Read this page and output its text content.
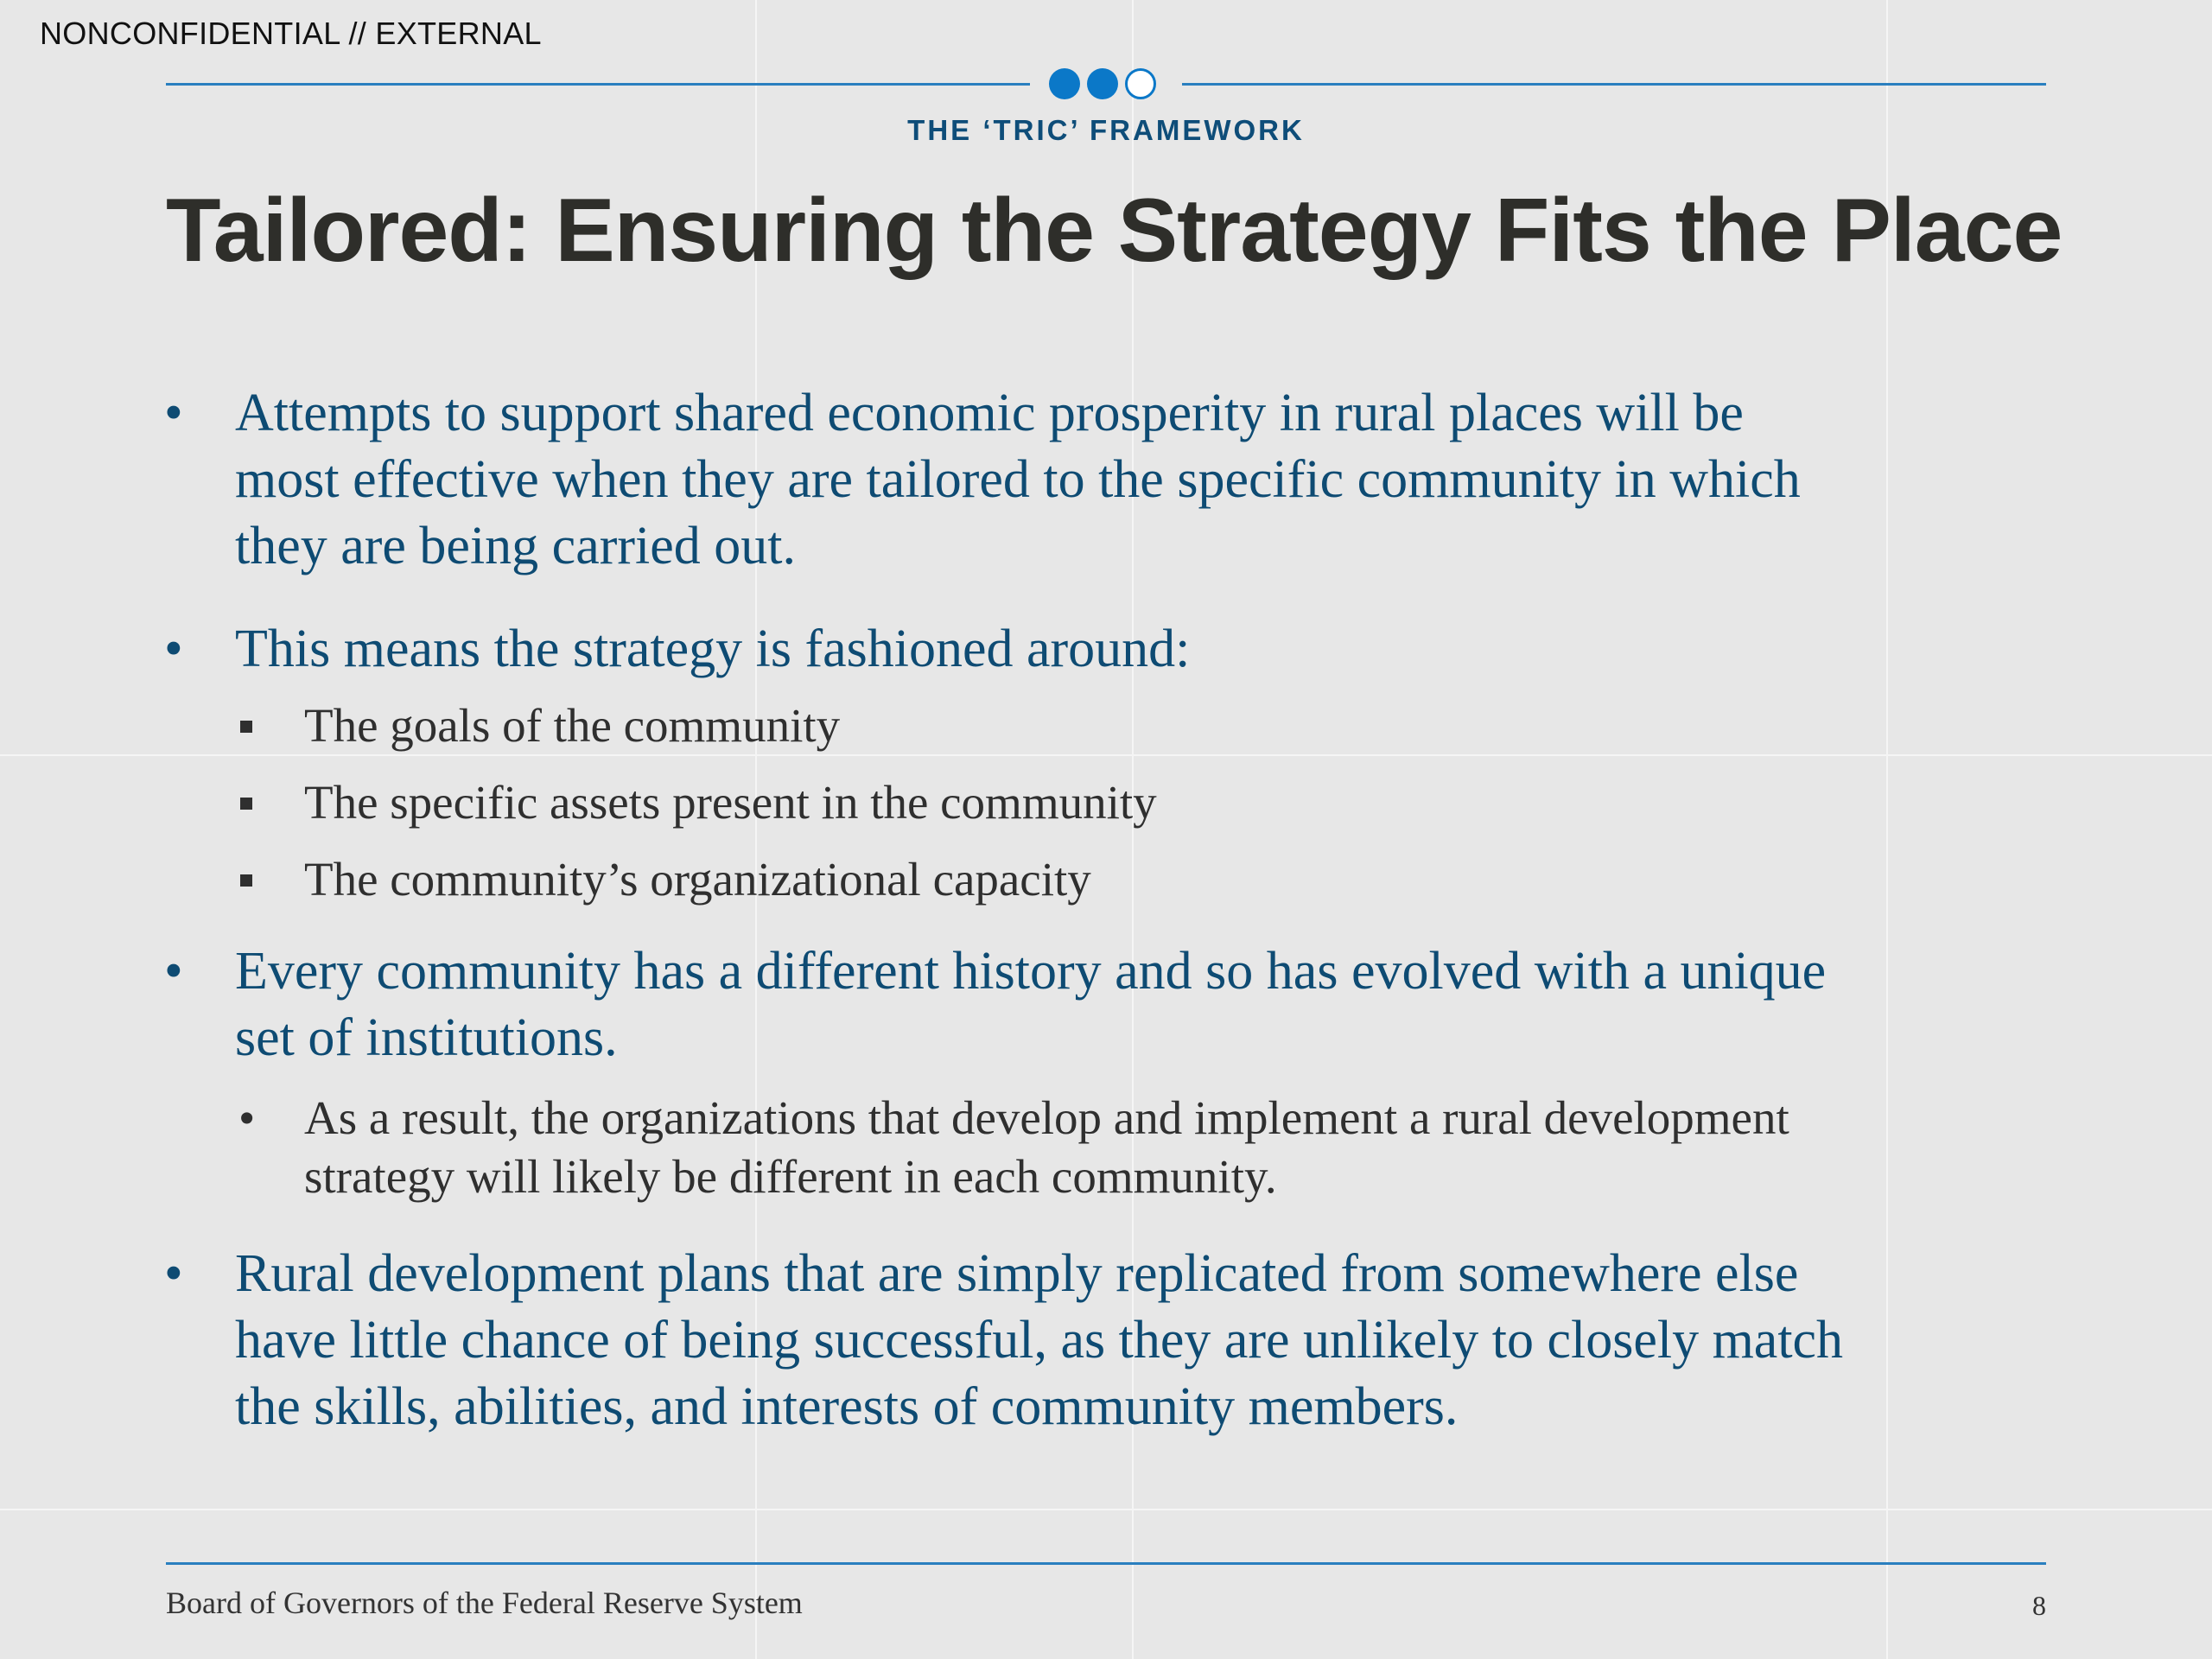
NONCONFIDENTIAL // EXTERNAL
THE ‘TRIC’ FRAMEWORK
Tailored: Ensuring the Strategy Fits the Place
• Attempts to support shared economic prosperity in rural places will be
most effective when they are tailored to the specific community in which
they are being carried out.
• This means the strategy is fashioned around:
The goals of the community
The specific assets present in the community
The community’s organizational capacity
• Every community has a different history and so has evolved with a unique
set of institutions.
• As a result, the organizations that develop and implement a rural development
strategy will likely be different in each community.
• Rural development plans that are simply replicated from somewhere else
have little chance of being successful, as they are unlikely to closely match
the skills, abilities, and interests of community members.
Board of Governors of the Federal Reserve System	8
